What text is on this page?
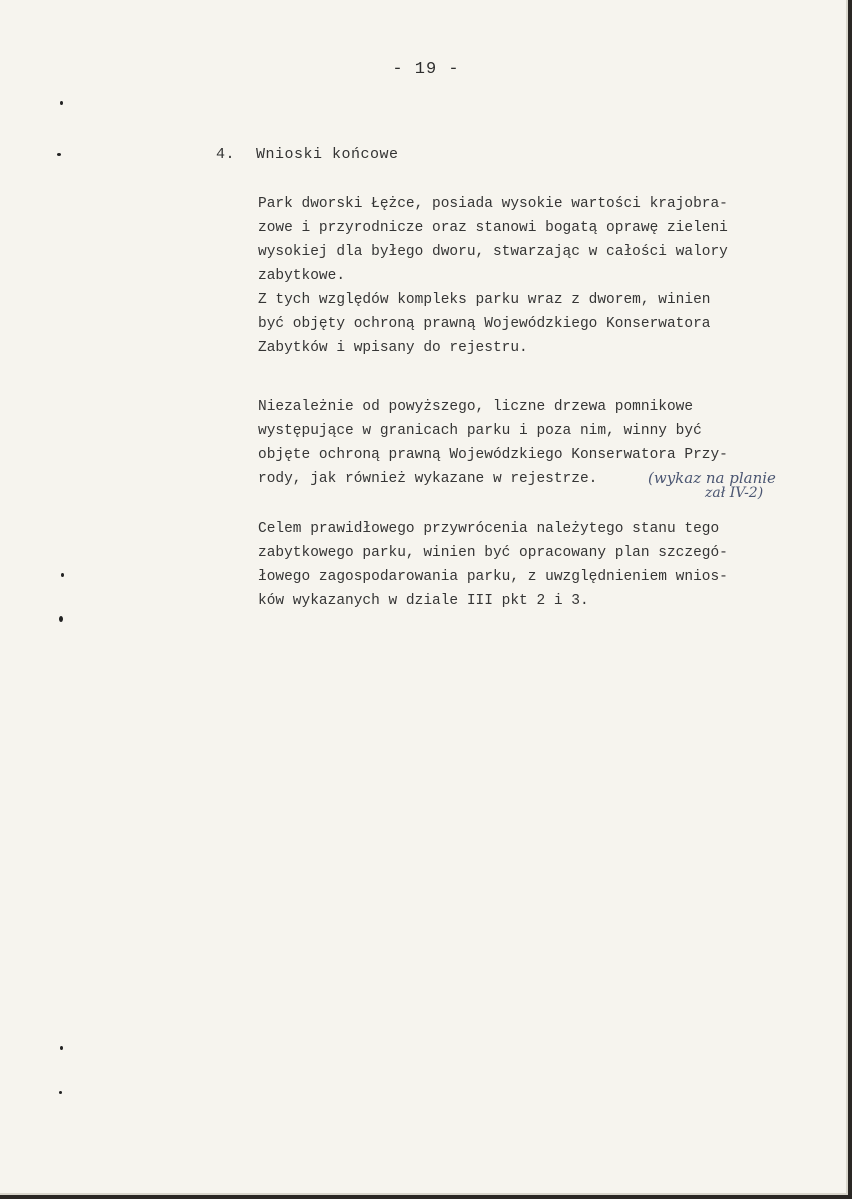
- 19 -
4. Wnioski końcowe
Park dworski Łężce, posiada wysokie wartości krajobra-
zowe i przyrodnicze oraz stanowi bogatą oprawę zieleni
wysokiej dla byłego dworu, stwarzając w całości walory
zabytkowe.
Z tych względów kompleks parku wraz z dworem, winien
być objęty ochroną prawną Wojewódzkiego Konserwatora
Zabytków i wpisany do rejestru.
Niezależnie od powyższego, liczne drzewa pomnikowe
występujące w granicach parku i poza nim, winny być
objęte ochroną prawną Wojewódzkiego Konserwatora Przy-
rody, jak również wykazane w rejestrze.	(wykaz na planie
zał IV-2)
Celem prawidłowego przywrócenia należytego stanu tego
zabytkowego parku, winien być opracowany plan szczegó-
łowego zagospodarowania parku, z uwzględnieniem wnios-
ków wykazanych w dziale III pkt 2 i 3.
